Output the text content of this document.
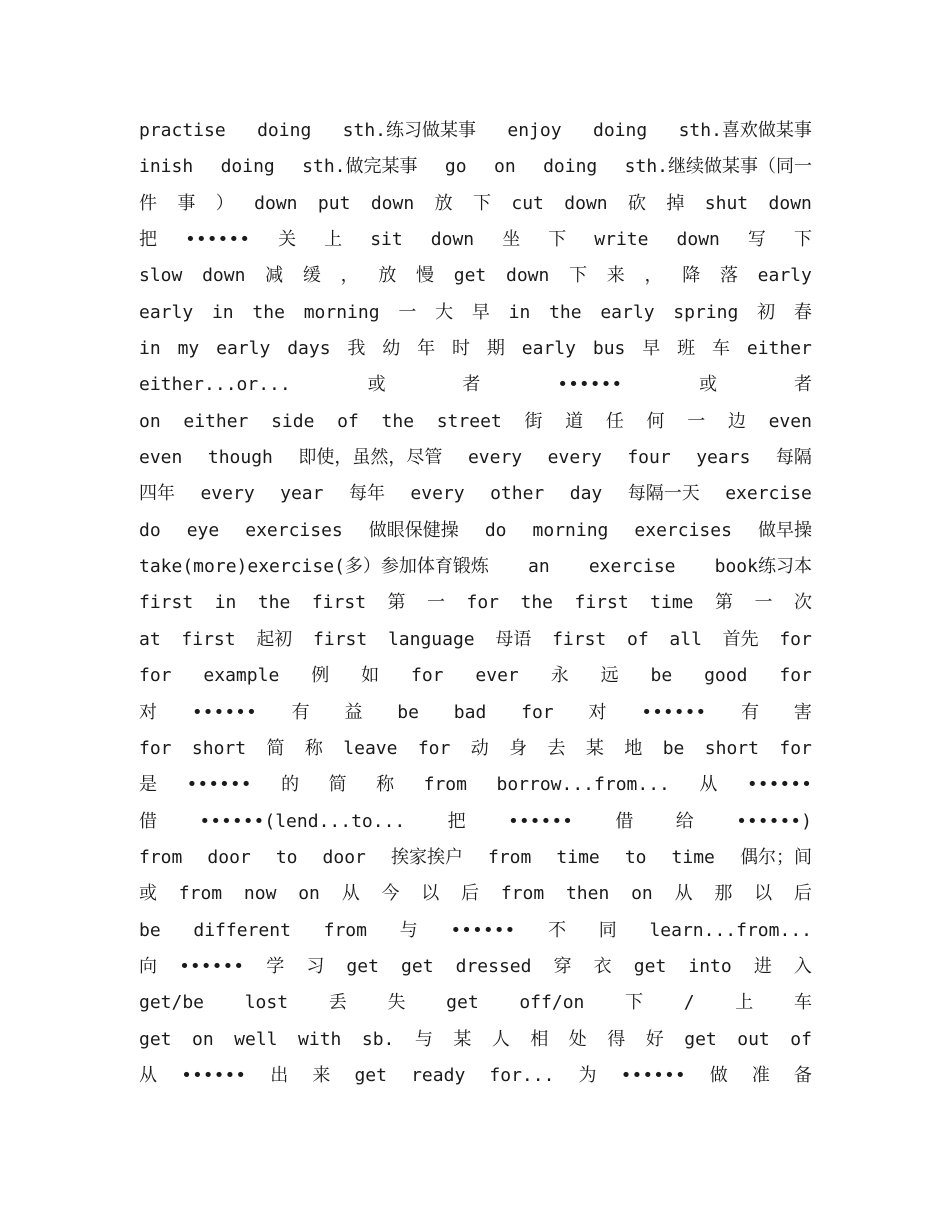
practise doing sth.练习做某事 enjoy doing sth.喜欢做某事
inish doing sth.做完某事 go on doing sth.继续做某事（同一
件 事 ） down put down 放 下 cut down 砍 掉 shut down
把 •••••• 关 上 sit down 坐 下 write down 写 下
slow down 减 缓 ， 放 慢 get down 下 来 ， 降 落 early
early in the morning 一 大 早 in the early spring 初 春
in my early days 我 幼 年 时 期 early bus 早 班 车 either
either...or...	或	者	••••••	或	者
on either side of the street 街 道 任 何 一 边 even
even though 即使，虽然，尽管 every every four years 每隔
四年 every year 每年 every other day 每隔一天 exercise
do eye exercises 做眼保健操 do morning exercises 做早操
take(more)exercise(多）参加体育锻炼 an exercise book练习本
first in the first 第 一 for the first time 第 一 次
at first 起初 first language 母语 first of all 首先 for
for example 例 如 for ever 永 远 be good for
对 •••••• 有 益 be bad for 对 •••••• 有 害
for short 简 称 leave for 动 身 去 某 地 be short for
是 •••••• 的 简 称 from borrow...from... 从 ••••••
借 ••••••(lend...to... 把 •••••• 借 给 ••••••)
from door to door 挨家挨户 from time to time 偶尔；间
或 from now on 从 今 以 后 from then on 从 那 以 后
be different from 与 •••••• 不 同 learn...from...
向 •••••• 学 习 get get dressed 穿 衣 get into 进 入
get/be lost 丢 失 get off/on 下 / 上 车
get on well with sb. 与 某 人 相 处 得 好 get out of
从 •••••• 出 来 get ready for... 为 •••••• 做 准 备
